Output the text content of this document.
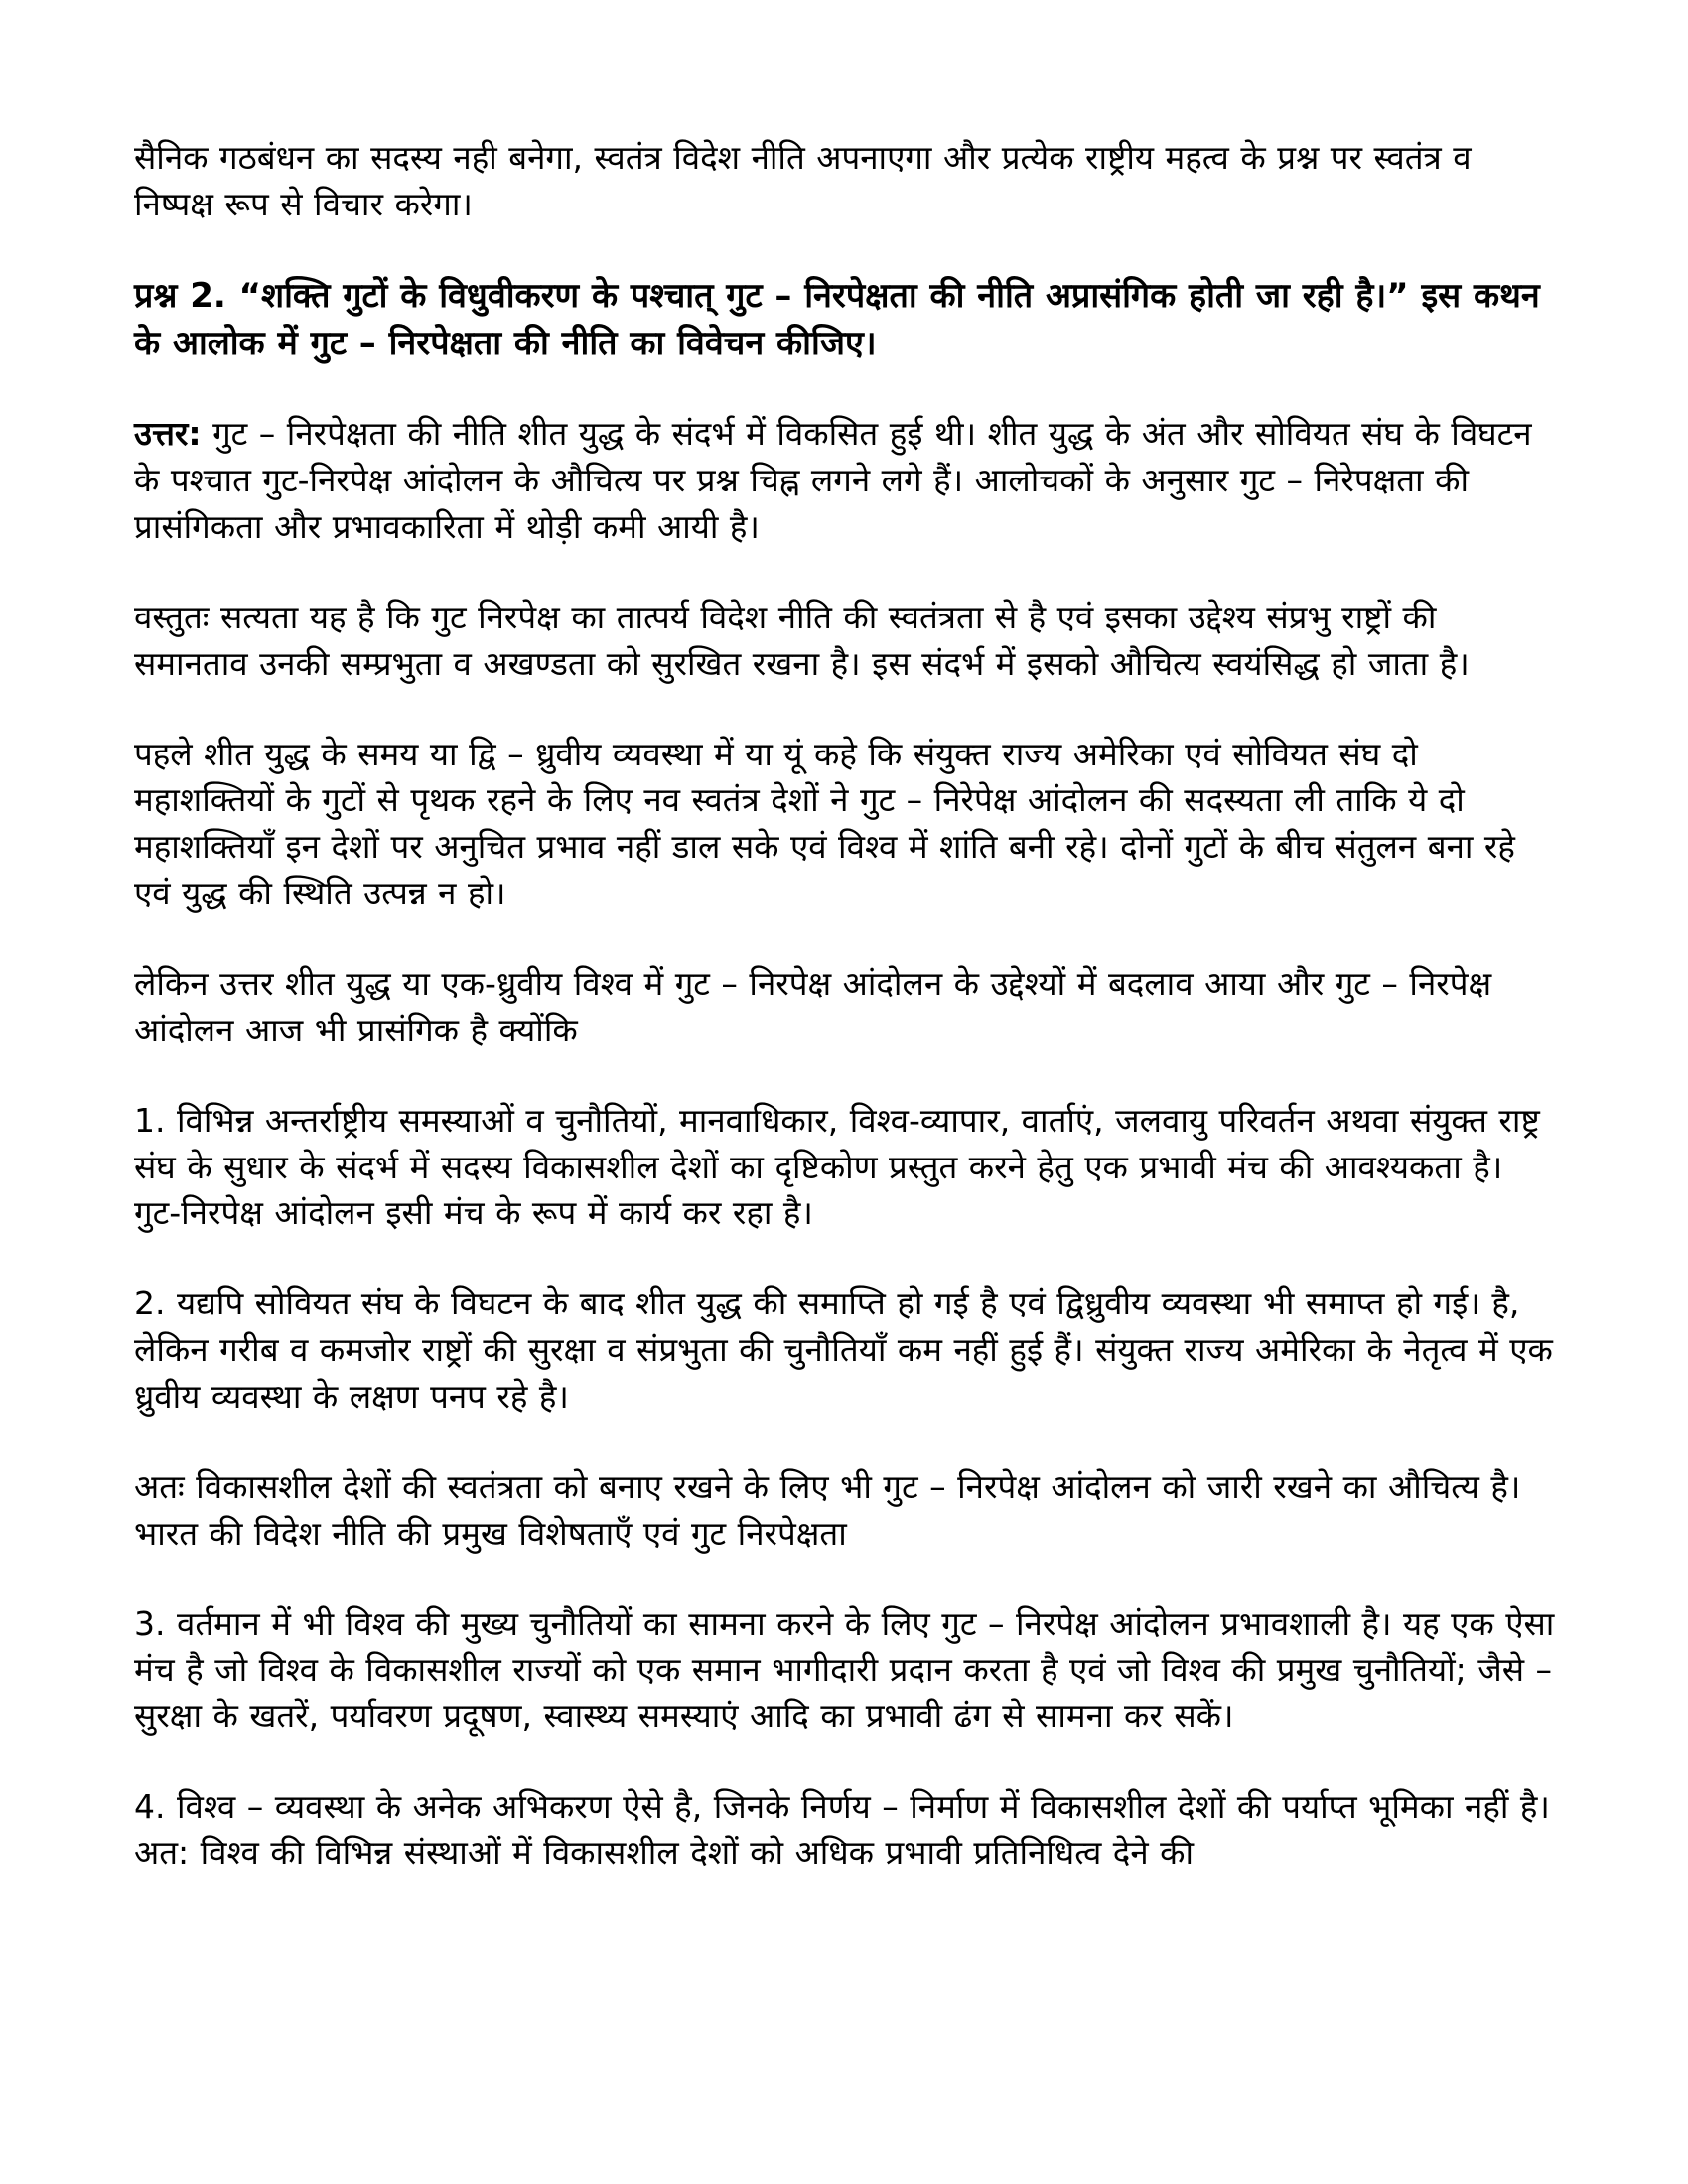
सैनिक गठबंधन का सदस्य नही बनेगा, स्वतंत्र विदेश नीति अपनाएगा और प्रत्येक राष्ट्रीय महत्व के प्रश्न पर स्वतंत्र व निष्पक्ष रूप से विचार करेगा।

प्रश्न 2. “शक्ति गुटों के विधुवीकरण के पश्चात् गुट – निरपेक्षता की नीति अप्रासंगिक होती जा रही है।” इस कथन के आलोक में गुट – निरपेक्षता की नीति का विवेचन कीजिए।

उत्तर: गुट – निरपेक्षता की नीति शीत युद्ध के संदर्भ में विकसित हुई थी। शीत युद्ध के अंत और सोवियत संघ के विघटन के पश्चात गुट-निरपेक्ष आंदोलन के औचित्य पर प्रश्न चिह्न लगने लगे हैं। आलोचकों के अनुसार गुट – निरेपक्षता की प्रासंगिकता और प्रभावकारिता में थोड़ी कमी आयी है।

वस्तुतः सत्यता यह है कि गुट निरपेक्ष का तात्पर्य विदेश नीति की स्वतंत्रता से है एवं इसका उद्देश्य संप्रभु राष्ट्रों की समानताव उनकी सम्प्रभुता व अखण्डता को सुरखित रखना है। इस संदर्भ में इसको औचित्य स्वयंसिद्ध हो जाता है।

पहले शीत युद्ध के समय या द्वि – ध्रुवीय व्यवस्था में या यूं कहे कि संयुक्त राज्य अमेरिका एवं सोवियत संघ दो महाशक्तियों के गुटों से पृथक रहने के लिए नव स्वतंत्र देशों ने गुट – निरेपेक्ष आंदोलन की सदस्यता ली ताकि ये दो महाशक्तियाँ इन देशों पर अनुचित प्रभाव नहीं डाल सके एवं विश्व में शांति बनी रहे। दोनों गुटों के बीच संतुलन बना रहे एवं युद्ध की स्थिति उत्पन्न न हो।

लेकिन उत्तर शीत युद्ध या एक-ध्रुवीय विश्व में गुट – निरपेक्ष आंदोलन के उद्देश्यों में बदलाव आया और गुट – निरपेक्ष आंदोलन आज भी प्रासंगिक है क्योंकि

1. विभिन्न अन्तर्राष्ट्रीय समस्याओं व चुनौतियों, मानवाधिकार, विश्व-व्यापार, वार्ताएं, जलवायु परिवर्तन अथवा संयुक्त राष्ट्र संघ के सुधार के संदर्भ में सदस्य विकासशील देशों का दृष्टिकोण प्रस्तुत करने हेतु एक प्रभावी मंच की आवश्यकता है। गुट-निरपेक्ष आंदोलन इसी मंच के रूप में कार्य कर रहा है।

2. यद्यपि सोवियत संघ के विघटन के बाद शीत युद्ध की समाप्ति हो गई है एवं द्विध्रुवीय व्यवस्था भी समाप्त हो गई। है, लेकिन गरीब व कमजोर राष्ट्रों की सुरक्षा व संप्रभुता की चुनौतियाँ कम नहीं हुई हैं। संयुक्त राज्य अमेरिका के नेतृत्व में एक ध्रुवीय व्यवस्था के लक्षण पनप रहे है।

अतः विकासशील देशों की स्वतंत्रता को बनाए रखने के लिए भी गुट – निरपेक्ष आंदोलन को जारी रखने का औचित्य है। भारत की विदेश नीति की प्रमुख विशेषताएँ एवं गुट निरपेक्षता

3. वर्तमान में भी विश्व की मुख्य चुनौतियों का सामना करने के लिए गुट – निरपेक्ष आंदोलन प्रभावशाली है। यह एक ऐसा मंच है जो विश्व के विकासशील राज्यों को एक समान भागीदारी प्रदान करता है एवं जो विश्व की प्रमुख चुनौतियों; जैसे – सुरक्षा के खतरें, पर्यावरण प्रदूषण, स्वास्थ्य समस्याएं आदि का प्रभावी ढंग से सामना कर सकें।

4. विश्व – व्यवस्था के अनेक अभिकरण ऐसे है, जिनके निर्णय – निर्माण में विकासशील देशों की पर्याप्त भूमिका नहीं है। अत: विश्व की विभिन्न संस्थाओं में विकासशील देशों को अधिक प्रभावी प्रतिनिधित्व देने की
